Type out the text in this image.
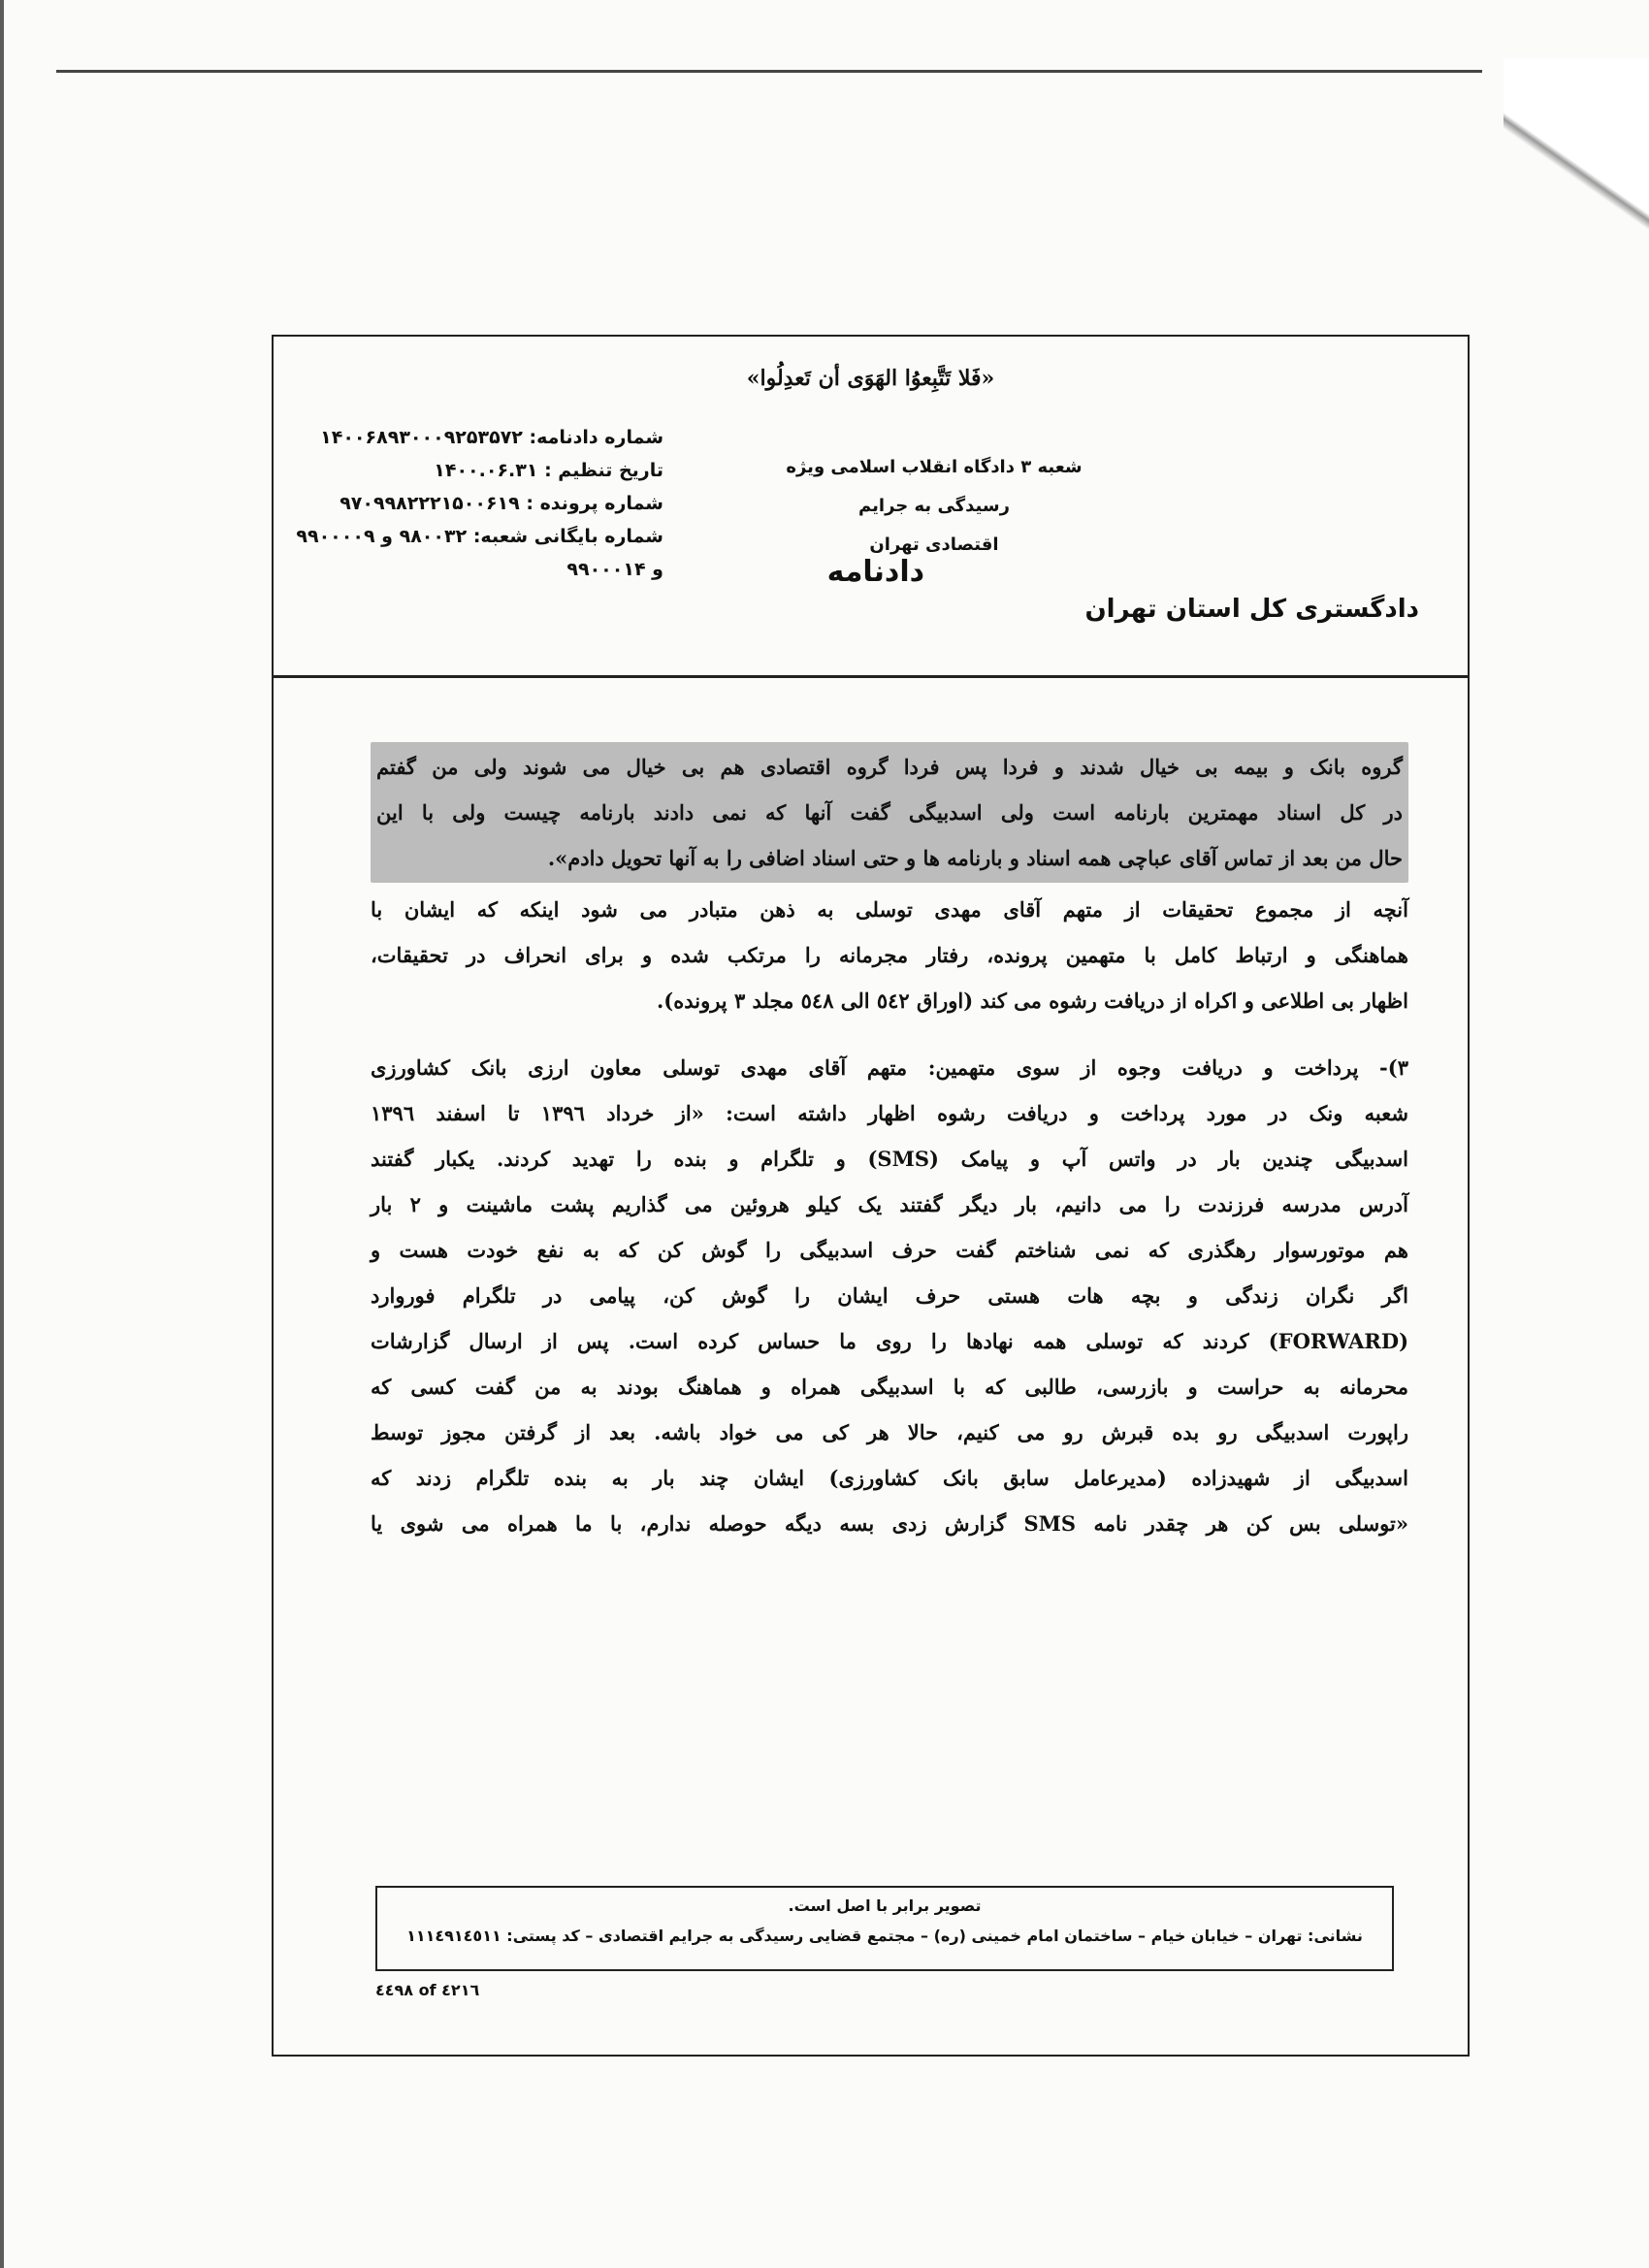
«فَلا تَتَّبِعوُا الهَوَی أن تَعدِلُوا»
شعبه ۳ دادگاه انقلاب اسلامی ویژه رسیدگی به جرایم
اقتصادی تهران
دادنامه
دادگستری کل استان تهران
شماره دادنامه: ۱۴۰۰۶۸۹۳۰۰۰۹۲۵۳۵۷۲
تاریخ تنظیم : ۱۴۰۰.۰۶.۳۱
شماره پرونده : ۹۷۰۹۹۸۲۲۲۱۵۰۰۶۱۹
شماره بایگانی شعبه: ۹۸۰۰۳۲ و ۹۹۰۰۰۰۹
و ۹۹۰۰۰۱۴

گروه بانک و بیمه بی خیال شدند و فردا پس فردا گروه اقتصادی هم بی خیال می شوند ولی من گفتم

در کل اسناد مهمترین بارنامه است ولی اسدبیگی گفت آنها که نمی دادند بارنامه چیست ولی با این

حال من بعد از تماس آقای عباچی همه اسناد و بارنامه ها و حتی اسناد اضافی را به آنها تحویل دادم».

آنچه از مجموع تحقیقات از متهم آقای مهدی توسلی به ذهن متبادر می شود اینکه که ایشان با

هماهنگی و ارتباط کامل با متهمین پرونده، رفتار مجرمانه را مرتکب شده و برای انحراف در تحقیقات،

اظهار بی اطلاعی و اکراه از دریافت رشوه می کند (اوراق ٥٤٢ الی ٥٤٨ مجلد ٣ پرونده).

۳)- پرداخت و دریافت وجوه از سوی متهمین: متهم آقای مهدی توسلی معاون ارزی بانک کشاورزی

شعبه ونک در مورد پرداخت و دریافت رشوه اظهار داشته است: «از خرداد ١٣٩٦ تا اسفند ١٣٩٦

اسدبیگی چندین بار در واتس آپ و پیامک (SMS) و تلگرام و بنده را تهدید کردند. یکبار گفتند

آدرس مدرسه فرزندت را می دانیم، بار دیگر گفتند یک کیلو هروئین می گذاریم پشت ماشینت و ۲ بار

هم موتورسوار رهگذری که نمی شناختم گفت حرف اسدبیگی را گوش کن که به نفع خودت هست و

اگر نگران زندگی و بچه هات هستی حرف ایشان را گوش کن، پیامی در تلگرام فوروارد

(FORWARD) کردند که توسلی همه نهادها را روی ما حساس کرده است. پس از ارسال گزارشات

محرمانه به حراست و بازرسی، طالبی که با اسدبیگی همراه و هماهنگ بودند به من گفت کسی که

راپورت اسدبیگی رو بده قبرش رو می کنیم، حالا هر کی می خواد باشه. بعد از گرفتن مجوز توسط

اسدبیگی از شهیدزاده (مدیرعامل سابق بانک کشاورزی) ایشان چند بار به بنده تلگرام زدند که

«توسلی بس کن هر چقدر نامه SMS گزارش زدی بسه دیگه حوصله ندارم، با ما همراه می شوی یا

تصویر برابر با اصل است.
نشانی: تهران – خیابان خیام – ساختمان امام خمینی (ره) – مجتمع قضایی رسیدگی به جرایم اقتصادی – کد پستی: ۱۱۱٤۹۱٤٥۱۱
٤٤٩٨ of ٤٢١٦
